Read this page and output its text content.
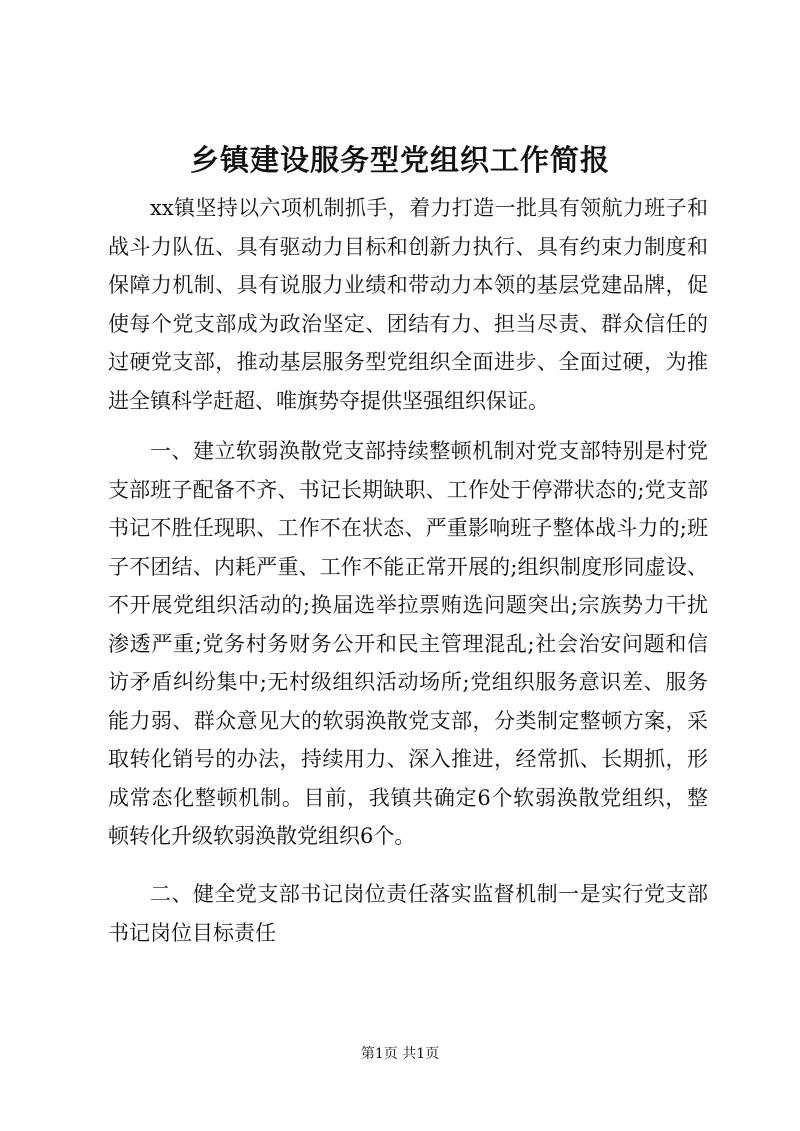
乡镇建设服务型党组织工作简报

xx镇坚持以六项机制抓手，着力打造一批具有领航力班子和战斗力队伍、具有驱动力目标和创新力执行、具有约束力制度和保障力机制、具有说服力业绩和带动力本领的基层党建品牌，促使每个党支部成为政治坚定、团结有力、担当尽责、群众信任的过硬党支部，推动基层服务型党组织全面进步、全面过硬，为推进全镇科学赶超、唯旗势夺提供坚强组织保证。

一、建立软弱涣散党支部持续整顿机制对党支部特别是村党支部班子配备不齐、书记长期缺职、工作处于停滞状态的;党支部书记不胜任现职、工作不在状态、严重影响班子整体战斗力的;班子不团结、内耗严重、工作不能正常开展的;组织制度形同虚设、不开展党组织活动的;换届选举拉票贿选问题突出;宗族势力干扰渗透严重;党务村务财务公开和民主管理混乱;社会治安问题和信访矛盾纠纷集中;无村级组织活动场所;党组织服务意识差、服务能力弱、群众意见大的软弱涣散党支部，分类制定整顿方案，采取转化销号的办法，持续用力、深入推进，经常抓、长期抓，形成常态化整顿机制。目前，我镇共确定6个软弱涣散党组织，整顿转化升级软弱涣散党组织6个。

二、健全党支部书记岗位责任落实监督机制一是实行党支部书记岗位目标责任

第1页 共1页
